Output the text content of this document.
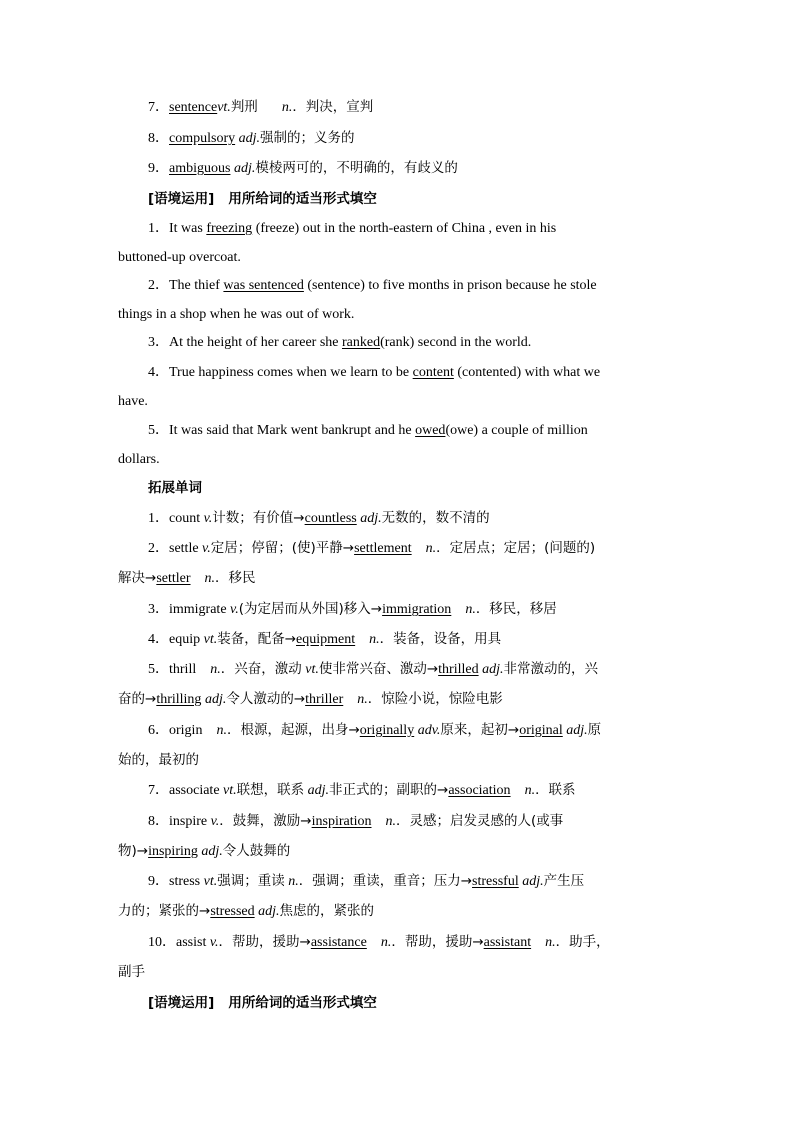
7．sentencevt.判刑 n.．判决，宣判
8．compulsory adj.强制的；义务的
9．ambiguous adj.模棱两可的，不明确的，有歧义的
[语境运用] 用所给词的适当形式填空
1．It was freezing (freeze) out in the north-eastern of China , even in his
buttoned-up overcoat.
2．The thief was sentenced (sentence) to five months in prison because he stole
things in a shop when he was out of work.
3．At the height of her career she ranked(rank) second in the world.
4．True happiness comes when we learn to be content (contented) with what we
have.
5．It was said that Mark went bankrupt and he owed(owe) a couple of million
dollars.
拓展单词
1．count v.计数；有价值→countless adj.无数的，数不清的
2．settle v.定居；停留；(使)平静→settlement n.．定居点；定居；(问题的)
解决→settler n.．移民
3．immigrate v.(为定居而从外国)移入→immigration n.．移民，移居
4．equip vt.装备，配备→equipment n.．装备，设备，用具
5．thrill n.．兴奋，激动 vt.使非常兴奋、激动→thrilled adj.非常激动的，兴
奋的→thrilling adj.令人激动的→thriller n.．惊险小说，惊险电影
6．origin n.．根源，起源，出身→originally adv.原来，起初→original adj.原
始的，最初的
7．associate vt.联想，联系 adj.非正式的；副职的→association n.．联系
8．inspire v.．鼓舞，激励→inspiration n.．灵感；启发灵感的人(或事
物)→inspiring adj.令人鼓舞的
9．stress vt.强调；重读 n.．强调；重读，重音；压力→stressful adj.产生压
力的；紧张的→stressed adj.焦虑的，紧张的
10．assist v.．帮助，援助→assistance n.．帮助，援助→assistant n.．助手，
副手
[语境运用] 用所给词的适当形式填空
